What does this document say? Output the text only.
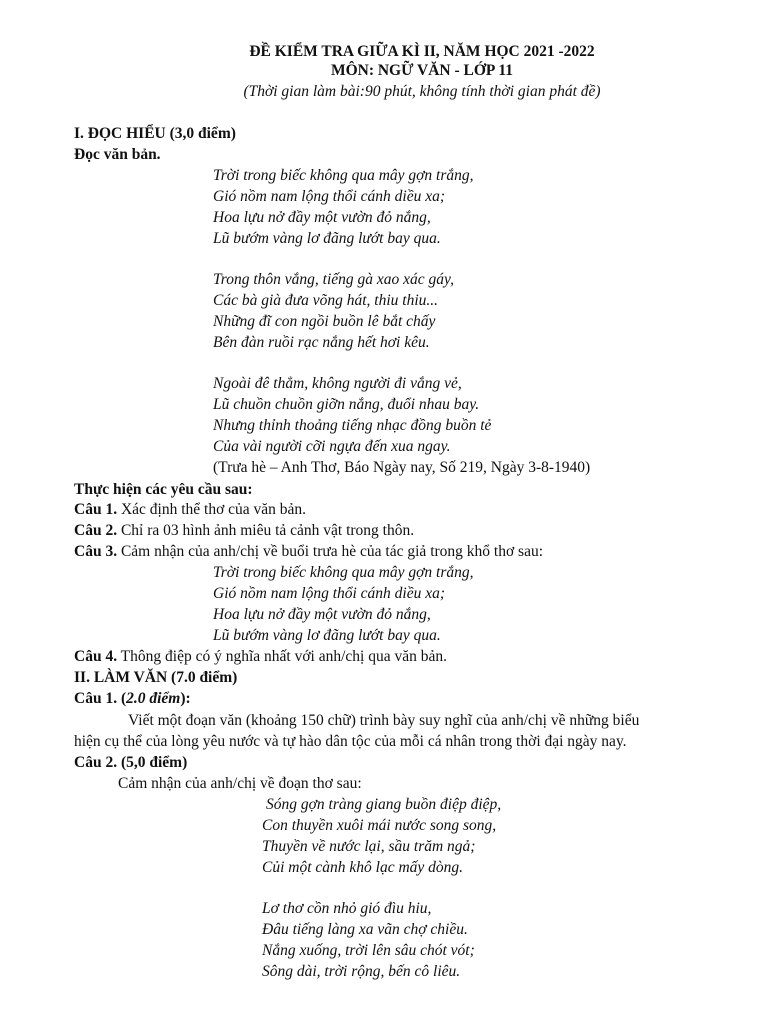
ĐỀ KIỂM TRA GIỮA KÌ II, NĂM HỌC 2021 -2022
MÔN: NGỮ VĂN - LỚP 11
(Thời gian làm bài:90 phút, không tính thời gian phát đề)
I. ĐỌC HIỂU (3,0 điểm)
Đọc văn bản.
Trời trong biếc không qua mây gợn trắng,
Gió nồm nam lộng thổi cánh diều xa;
Hoa lựu nở đầy một vườn đỏ nắng,
Lũ bướm vàng lơ đãng lướt bay qua.
Trong thôn vắng, tiếng gà xao xác gáy,
Các bà già đưa võng hát, thiu thiu...
Những đĩ con ngồi buồn lê bắt chấy
Bên đàn ruồi rạc nắng hết hơi kêu.
Ngoài đê thẳm, không người đi vắng vẻ,
Lũ chuồn chuồn giỡn nắng, đuổi nhau bay.
Nhưng thỉnh thoảng tiếng nhạc đồng buồn tẻ
Của vài người cỡi ngựa đến xua ngay.
(Trưa hè – Anh Thơ, Báo Ngày nay, Số 219, Ngày 3-8-1940)
Thực hiện các yêu cầu sau:
Câu 1. Xác định thể thơ của văn bản.
Câu 2. Chỉ ra 03 hình ảnh miêu tả cảnh vật trong thôn.
Câu 3. Cảm nhận của anh/chị về buổi trưa hè của tác giả trong khổ thơ sau:
Trời trong biếc không qua mây gợn trắng,
Gió nồm nam lộng thổi cánh diều xa;
Hoa lựu nở đầy một vườn đỏ nắng,
Lũ bướm vàng lơ đãng lướt bay qua.
Câu 4. Thông điệp có ý nghĩa nhất với anh/chị qua văn bản.
II. LÀM VĂN (7.0 điểm)
Câu 1. (2.0 điểm):
Viết một đoạn văn (khoảng 150 chữ) trình bày suy nghĩ của anh/chị về những biểu
hiện cụ thể của lòng yêu nước và tự hào dân tộc của mỗi cá nhân trong thời đại ngày nay.
Câu 2. (5,0 điểm)
Cảm nhận của anh/chị về đoạn thơ sau:
Sóng gợn tràng giang buồn điệp điệp,
Con thuyền xuôi mái nước song song,
Thuyền về nước lại, sầu trăm ngả;
Củi một cành khô lạc mấy dòng.
Lơ thơ cồn nhỏ gió đìu hiu,
Đâu tiếng làng xa vãn chợ chiều.
Nắng xuống, trời lên sâu chót vót;
Sông dài, trời rộng, bến cô liêu.
